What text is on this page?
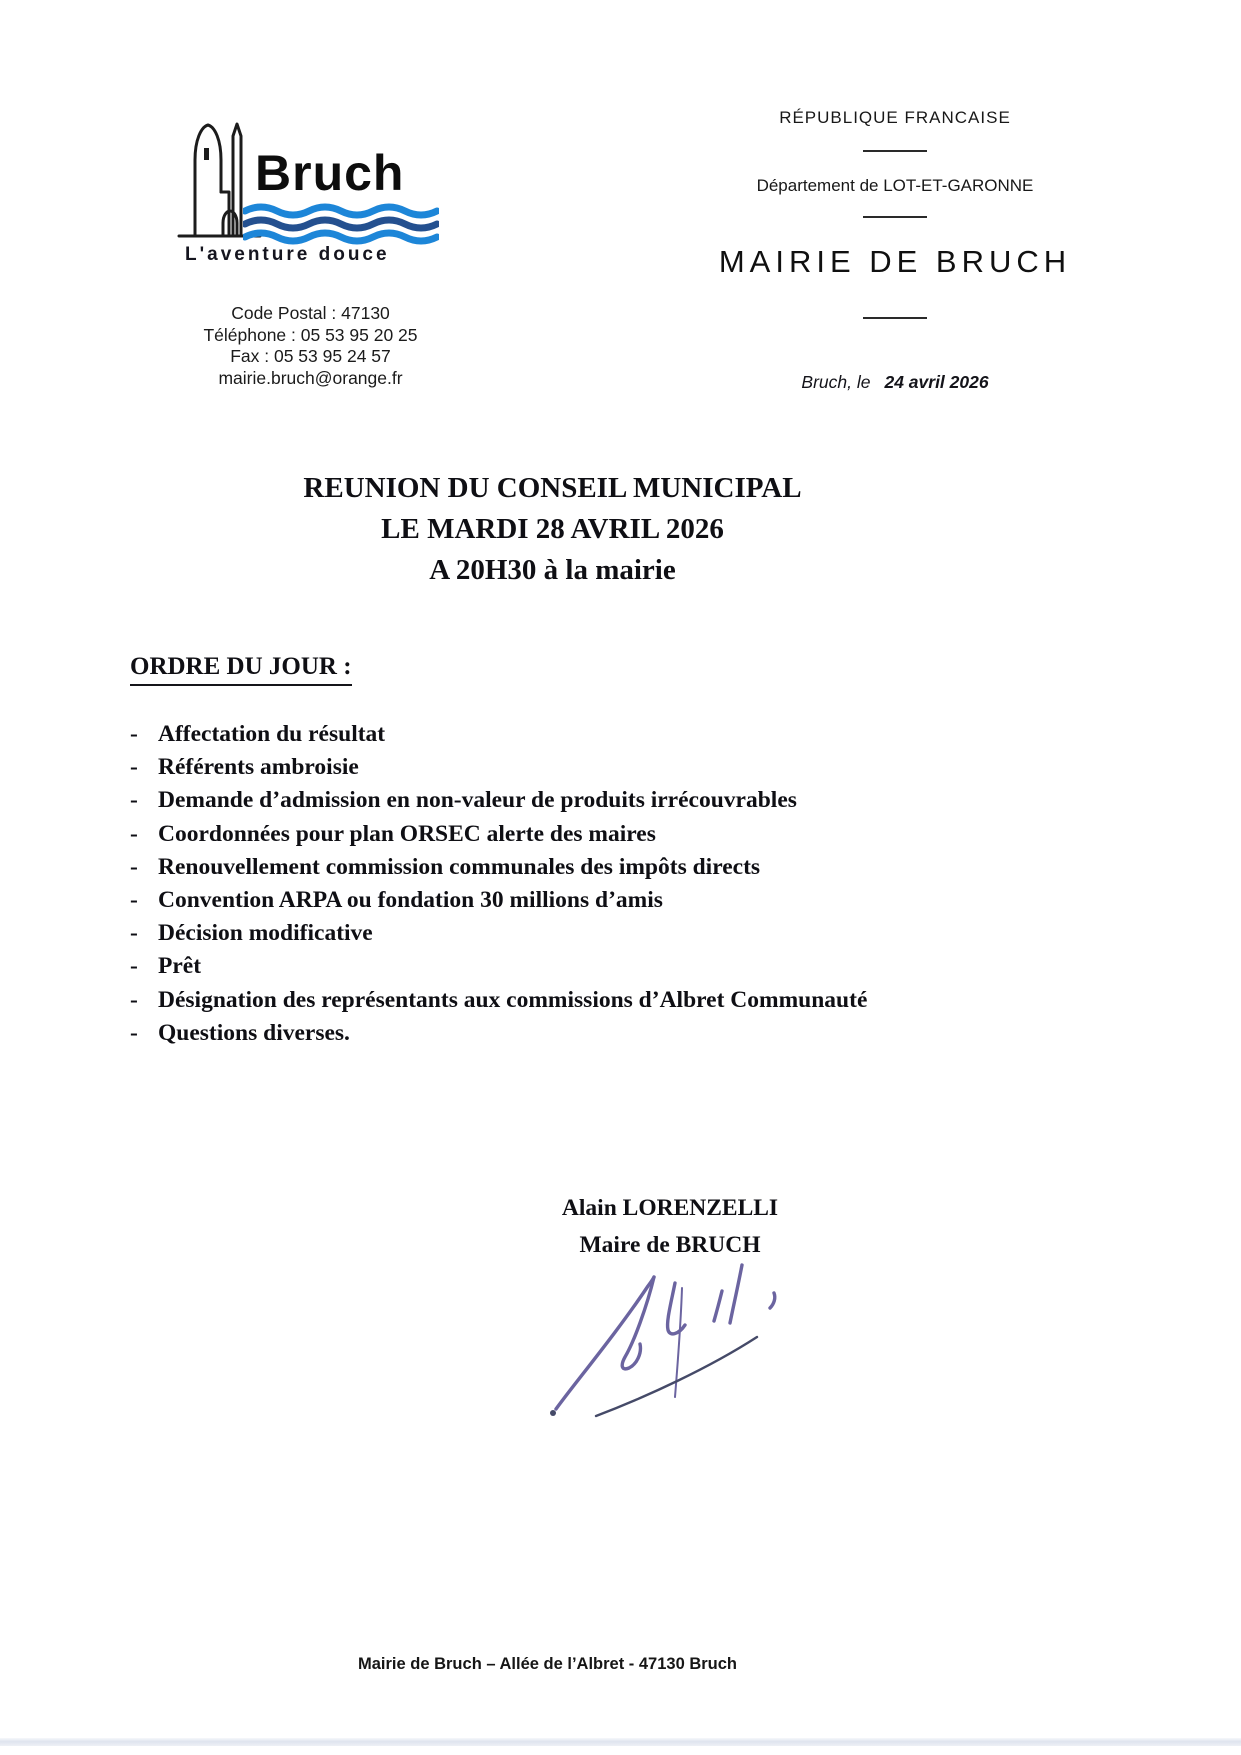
Bruch
L'aventure douce
Code Postal : 47130
Téléphone : 05 53 95 20 25
Fax : 05 53 95 24 57
mairie.bruch@orange.fr
RÉPUBLIQUE FRANCAISE
Département de LOT-ET-GARONNE
MAIRIE DE BRUCH
Bruch, le 24 avril 2026
REUNION DU CONSEIL MUNICIPAL
LE MARDI 28 AVRIL 2026
A 20H30 à la mairie
ORDRE DU JOUR :
- Affectation du résultat
- Référents ambroisie
- Demande d’admission en non-valeur de produits irrécouvrables
- Coordonnées pour plan ORSEC alerte des maires
- Renouvellement commission communales des impôts directs
- Convention ARPA ou fondation 30 millions d’amis
- Décision modificative
- Prêt
- Désignation des représentants aux commissions d’Albret Communauté
- Questions diverses.
Alain LORENZELLI
Maire de BRUCH
Mairie de Bruch – Allée de l’Albret - 47130 Bruch
